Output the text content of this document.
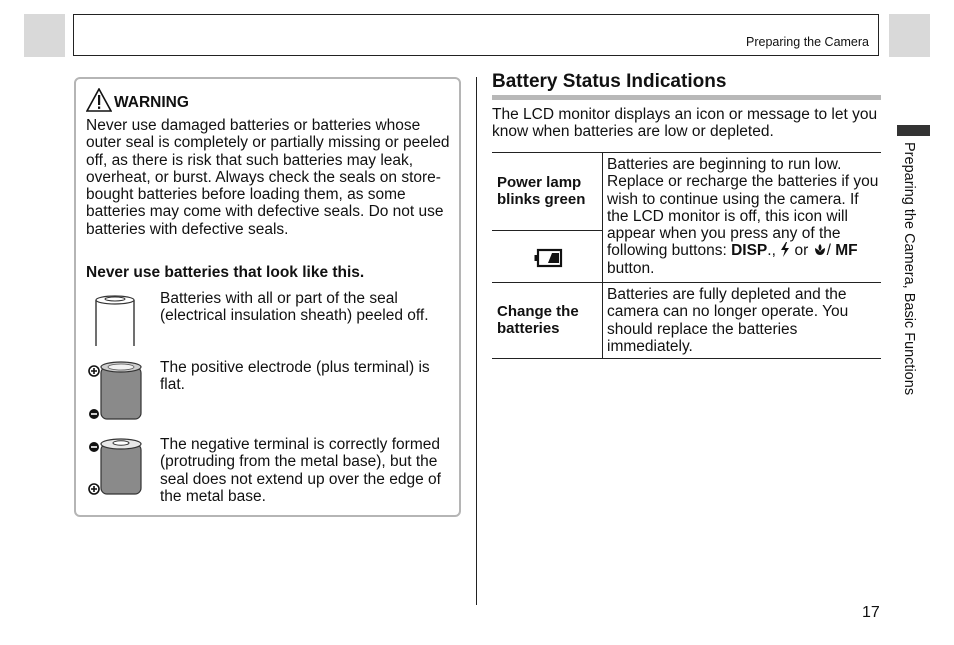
Preparing the Camera
WARNING
Never use damaged batteries or batteries whose outer seal is completely or partially missing or peeled off, as there is risk that such batteries may leak, overheat, or burst. Always check the seals on store-bought batteries before loading them, as some batteries may come with defective seals. Do not use batteries with defective seals.
Never use batteries that look like this.
Batteries with all or part of the seal (electrical insulation sheath) peeled off.
The positive electrode (plus terminal) is flat.
The negative terminal is correctly formed (protruding from the metal base), but the seal does not extend up over the edge of the metal base.
Battery Status Indications
The LCD monitor displays an icon or message to let you know when batteries are low or depleted.
Power lamp blinks green
Batteries are beginning to run low. Replace or recharge the batteries if you wish to continue using the camera. If the LCD monitor is off, this icon will appear when you press any of the following buttons: DISP., or / MF button.
Change the batteries
Batteries are fully depleted and the camera can no longer operate. You should replace the batteries immediately.	Preparing the Camera, Basic Functions
17
